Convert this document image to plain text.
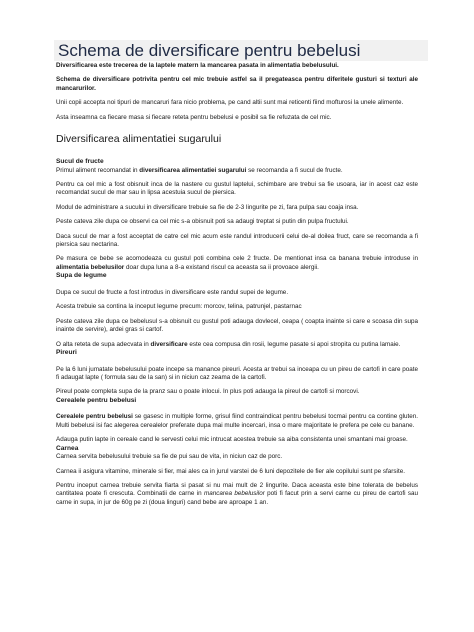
Schema de diversificare pentru bebelusi

Diversificarea este trecerea de la laptele matern la mancarea pasata in alimentatia bebelusului.

Schema de diversificare potrivita pentru cel mic trebuie astfel sa il pregateasca pentru diferitele gusturi si texturi ale mancarurilor.

Unii copii accepta noi tipuri de mancaruri fara nicio problema, pe cand altii sunt mai reticenti fiind mofturosi la unele alimente.

Asta inseamna ca fiecare masa si fiecare reteta pentru bebelusi e posibil sa fie refuzata de cel mic.

Diversificarea alimentatiei sugarului

Sucul de fructe

Primul aliment recomandat in diversificarea alimentatiei sugarului se recomanda a fi sucul de fructe.

Pentru ca cel mic a fost obisnuit inca de la nastere cu gustul laptelui, schimbare are trebui sa fie usoara, iar in acest caz este recomandat sucul de mar sau in lipsa acestuia sucul de piersica.

Modul de administrare a sucului in diversificare trebuie sa fie de 2-3 lingurite pe zi, fara pulpa sau coaja insa.

Peste cateva zile dupa ce observi ca cel mic s-a obisnuit poti sa adaugi treptat si putin din pulpa fructului.

Daca sucul de mar a fost acceptat de catre cel mic acum este randul introducerii celui de-al doilea fruct, care se recomanda a fi piersica sau nectarina.

Pe masura ce bebe se acomodeaza cu gustul poti combina cele 2 fructe. De mentionat insa ca banana trebuie introduse in alimentatia bebelusilor doar dupa luna a 8-a existand riscul ca aceasta sa ii provoace alergii.

Supa de legume

Dupa ce sucul de fructe a fost introdus in diversificare este randul supei de legume.

Acesta trebuie sa contina la inceput legume precum: morcov, telina, patrunjel, pastarnac

Peste cateva zile dupa ce bebelusul s-a obisnuit cu gustul poti adauga dovlecel, ceapa ( coapta inainte si care e scoasa din supa inainte de servire), ardei gras si cartof.

O alta reteta de supa adecvata in diversificare este cea compusa din rosii, legume pasate si apoi stropita cu putina lamaie.

Pireuri

Pe la 6 luni jumatate bebelusului poate incepe sa manance pireuri. Acesta ar trebui sa inceapa cu un pireu de cartofi in care poate fi adaugat lapte ( formula sau de la san) si in niciun caz zeama de la cartofi.

Pireul poate completa supa de la pranz sau o poate inlocui. In plus poti adauga la pireul de cartofi si morcovi.

Cerealele pentru bebelusi

Cerealele pentru bebelusi se gasesc in multiple forme, grisul fiind contraindicat pentru bebelusi tocmai pentru ca contine gluten. Multi bebelusi isi fac alegerea cerealelor preferate dupa mai multe incercari, insa o mare majoritate le prefera pe cele cu banane.

Adauga putin lapte in cereale cand le servesti celui mic intrucat acestea trebuie sa aiba consistenta unei smantani mai groase.

Carnea

Carnea servita bebelusului trebuie sa fie de pui sau de vita, in niciun caz de porc.

Carnea ii asigura vitamine, minerale si fier, mai ales ca in jurul varstei de 6 luni depozitele de fier ale copilului sunt pe sfarsite.

Pentru inceput carnea trebuie servita fiarta si pasat si nu mai mult de 2 lingurite. Daca aceasta este bine tolerata de bebelus cantitatea poate fi crescuta. Combinatii de carne in mancarea bebelusilor poti fi facut prin a servi carne cu pireu de cartofi sau carne in supa, in jur de 60g pe zi (doua linguri) cand bebe are aproape 1 an.
